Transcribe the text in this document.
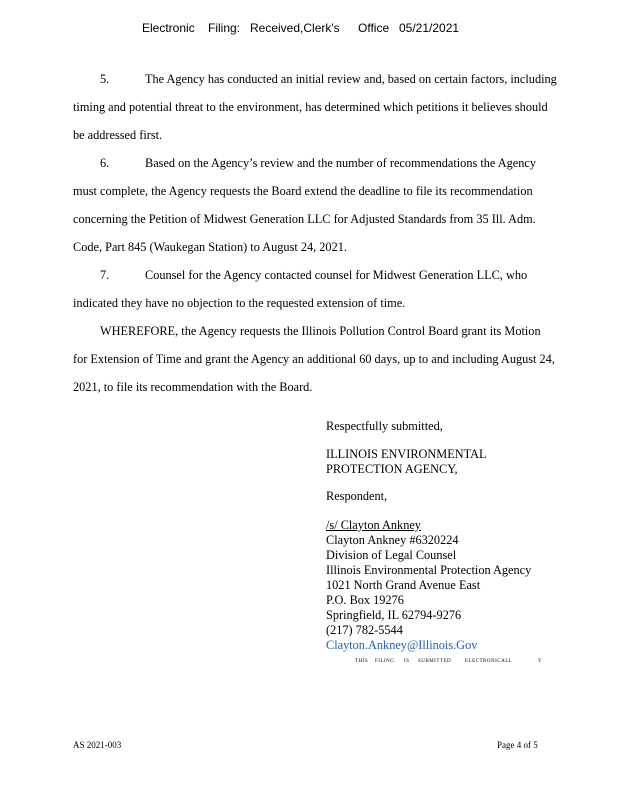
Electronic Filing: Received,Clerk's Office 05/21/2021
5.	The Agency has conducted an initial review and, based on certain factors, including
timing and potential threat to the environment, has determined which petitions it believes should
be addressed first.
6.	Based on the Agency’s review and the number of recommendations the Agency
must complete, the Agency requests the Board extend the deadline to file its recommendation
concerning the Petition of Midwest Generation LLC for Adjusted Standards from 35 Ill. Adm.
Code, Part 845 (Waukegan Station) to August 24, 2021.
7.	Counsel for the Agency contacted counsel for Midwest Generation LLC, who
indicated they have no objection to the requested extension of time.
WHEREFORE, the Agency requests the Illinois Pollution Control Board grant its Motion
for Extension of Time and grant the Agency an additional 60 days, up to and including August 24,
2021, to file its recommendation with the Board.
Respectfully submitted,
ILLINOIS ENVIRONMENTAL
PROTECTION AGENCY,
Respondent,
/s/ Clayton Ankney
Clayton Ankney #6320224
Division of Legal Counsel
Illinois Environmental Protection Agency
1021 North Grand Avenue East
P.O. Box 19276
Springfield, IL 62794-9276
(217) 782-5544
Clayton.Ankney@Illinois.Gov
THIS FILING IS SUBMITTED	ELECTRONICALL	Y
AS 2021-003	Page 4 of 5
